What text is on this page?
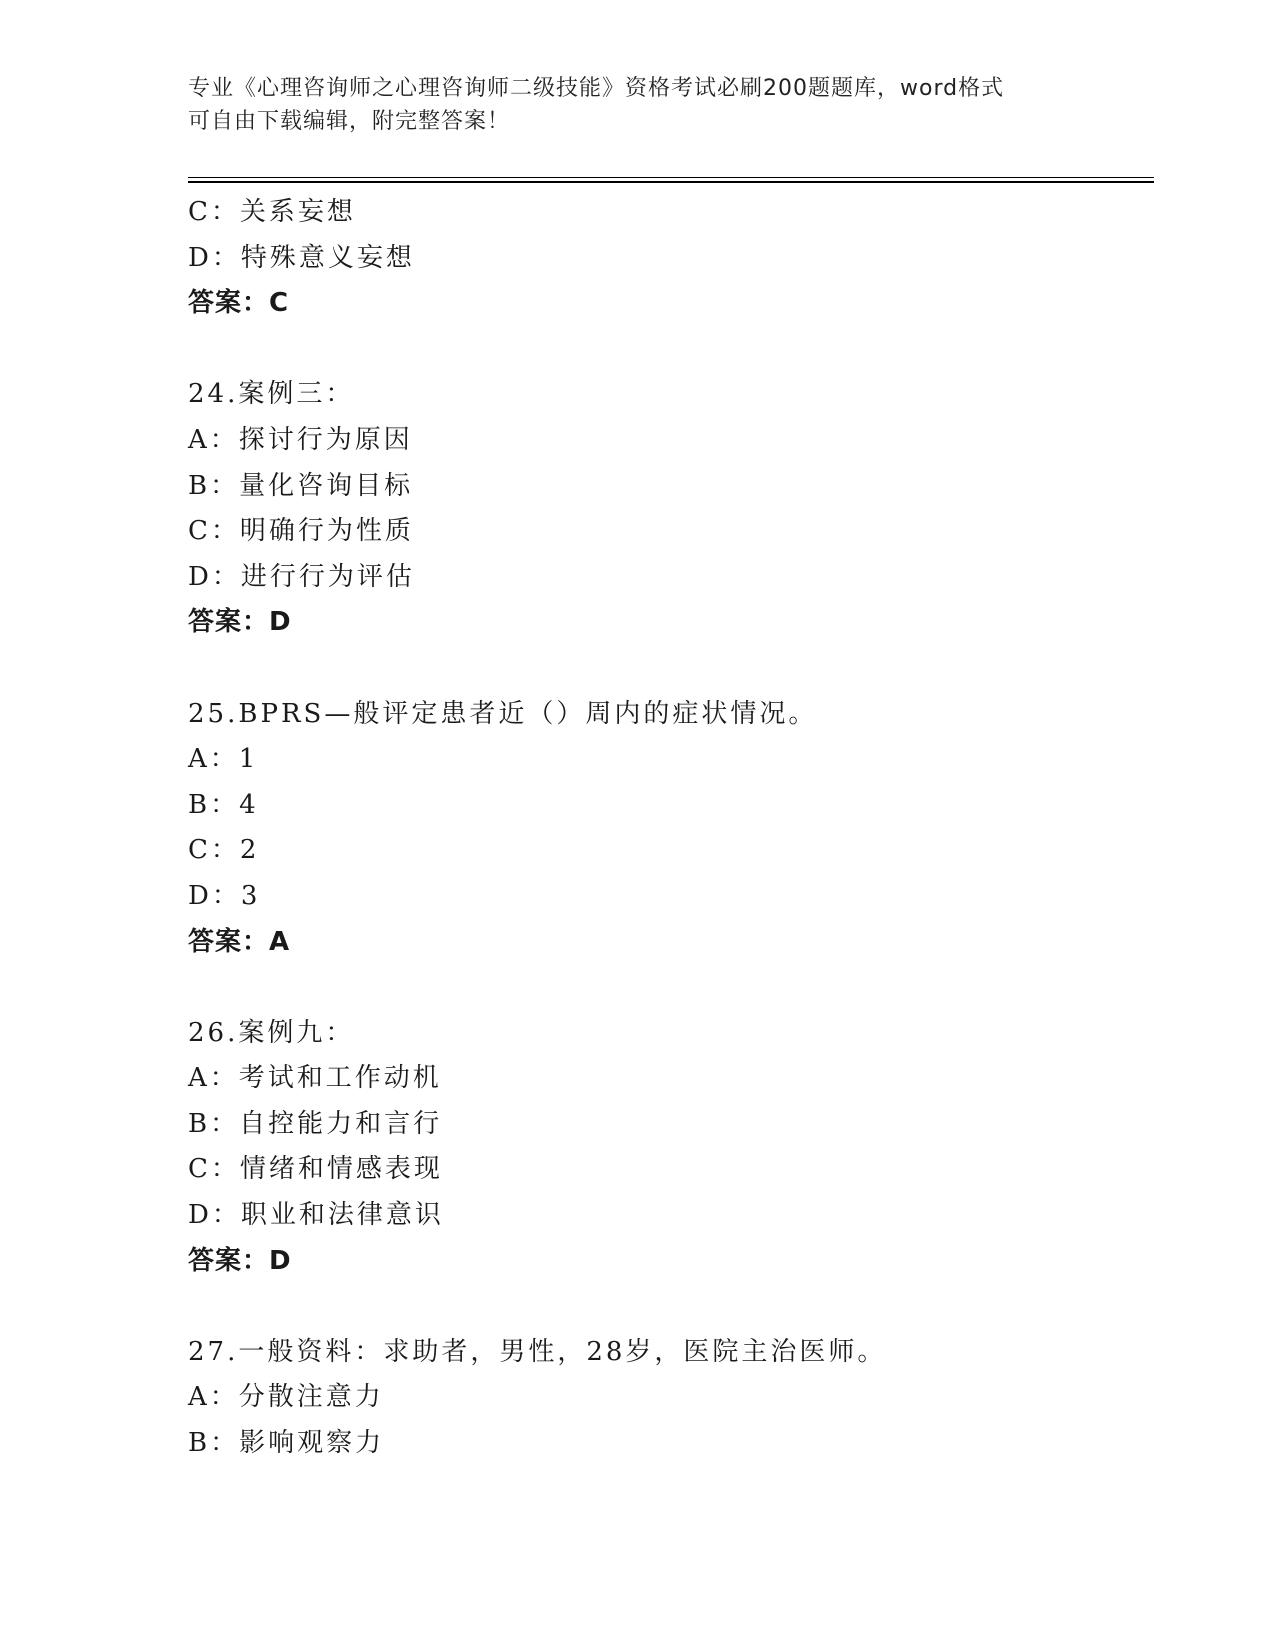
专业《心理咨询师之心理咨询师二级技能》资格考试必刷200题题库，word格式
可自由下载编辑，附完整答案！
C：关系妄想
D：特殊意义妄想
答案：C
24.案例三：
A：探讨行为原因
B：量化咨询目标
C：明确行为性质
D：进行行为评估
答案：D
25.BPRS—般评定患者近（）周内的症状情况。
A：1
B：4
C：2
D：3
答案：A
26.案例九：
A：考试和工作动机
B：自控能力和言行
C：情绪和情感表现
D：职业和法律意识
答案：D
27.一般资料：求助者，男性，28岁，医院主治医师。
A：分散注意力
B：影响观察力
